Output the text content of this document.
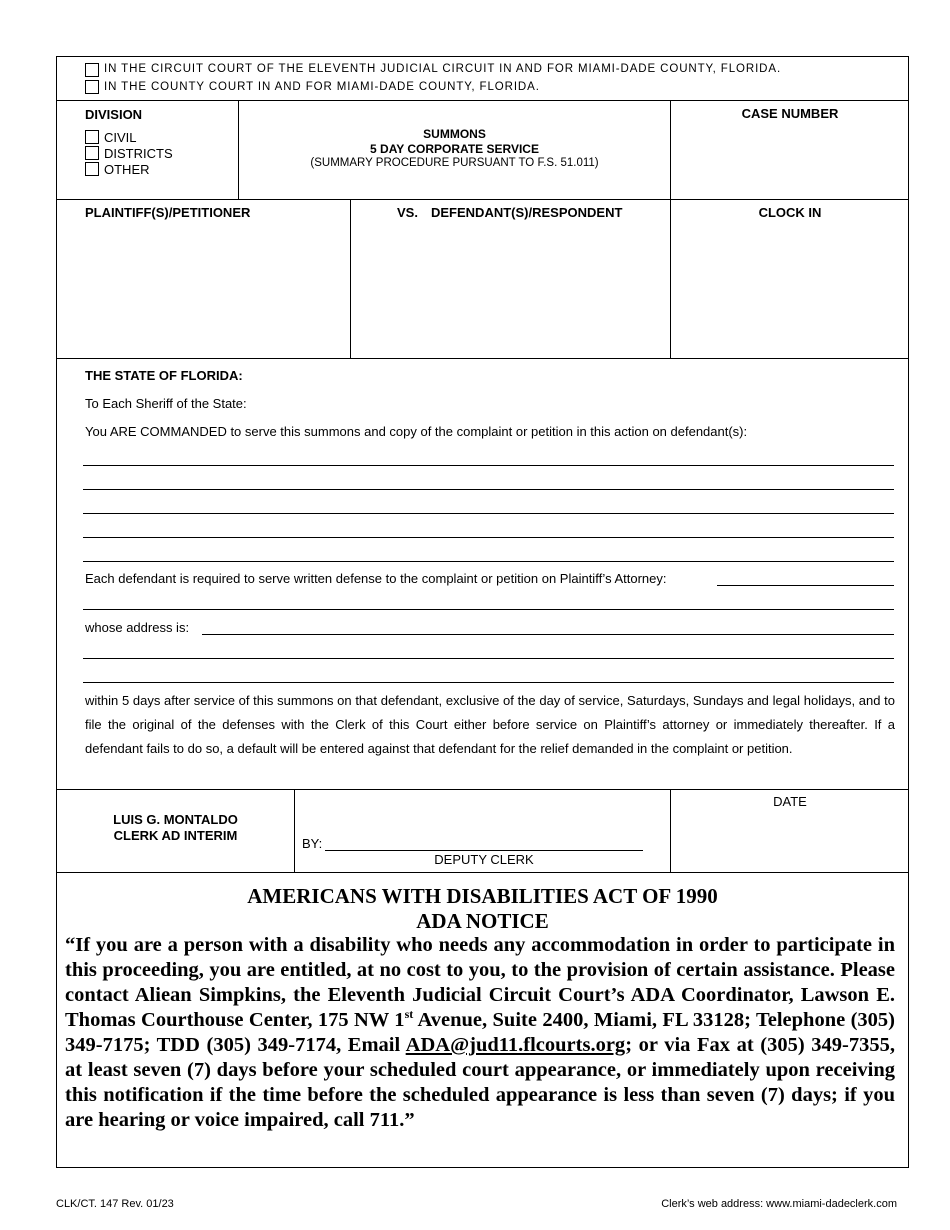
IN THE CIRCUIT COURT OF THE ELEVENTH JUDICIAL CIRCUIT IN AND FOR MIAMI-DADE COUNTY, FLORIDA.
IN THE COUNTY COURT IN AND FOR MIAMI-DADE COUNTY, FLORIDA.
DIVISION
CIVIL
DISTRICTS
OTHER
SUMMONS
5 DAY CORPORATE SERVICE
(SUMMARY PROCEDURE PURSUANT TO F.S. 51.011)
CASE NUMBER
PLAINTIFF(S)/PETITIONER	VS. DEFENDANT(S)/RESPONDENT	CLOCK IN
THE STATE OF FLORIDA:
To Each Sheriff of the State:
You ARE COMMANDED to serve this summons and copy of the complaint or petition in this action on defendant(s):
Each defendant is required to serve written defense to the complaint or petition on Plaintiff’s Attorney:
whose address is:
within 5 days after service of this summons on that defendant, exclusive of the day of service, Saturdays, Sundays and legal holidays, and to file the original of the defenses with the Clerk of this Court either before service on Plaintiff’s attorney or immediately thereafter. If a defendant fails to do so, a default will be entered against that defendant for the relief demanded in the complaint or petition.
LUIS G. MONTALDO
CLERK AD INTERIM
BY:
DEPUTY CLERK
DATE
AMERICANS WITH DISABILITIES ACT OF 1990
ADA NOTICE
“If you are a person with a disability who needs any accommodation in order to participate in this proceeding, you are entitled, at no cost to you, to the provision of certain assistance. Please contact Aliean Simpkins, the Eleventh Judicial Circuit Court’s ADA Coordinator, Lawson E. Thomas Courthouse Center, 175 NW 1st Avenue, Suite 2400, Miami, FL 33128; Telephone (305) 349-7175; TDD (305) 349-7174, Email ADA@jud11.flcourts.org; or via Fax at (305) 349-7355, at least seven (7) days before your scheduled court appearance, or immediately upon receiving this notification if the time before the scheduled appearance is less than seven (7) days; if you are hearing or voice impaired, call 711.”
CLK/CT. 147 Rev. 01/23	Clerk’s web address: www.miami-dadeclerk.com
